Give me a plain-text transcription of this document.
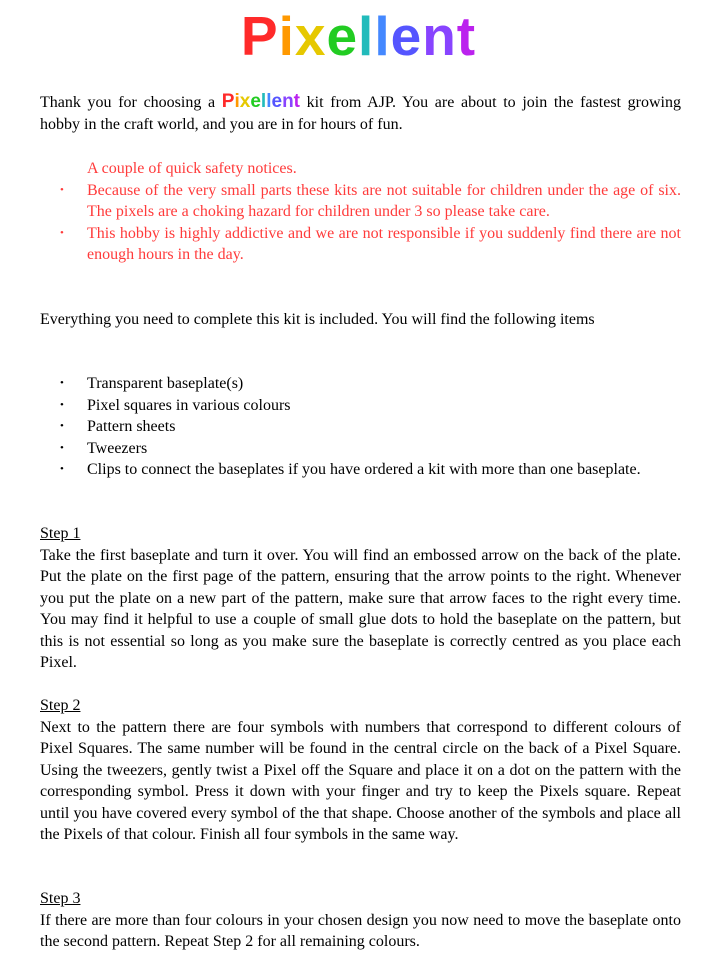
Pixellent
Thank you for choosing a Pixellent kit from AJP. You are about to join the fastest growing hobby in the craft world, and you are in for hours of fun.
A couple of quick safety notices.
• Because of the very small parts these kits are not suitable for children under the age of six. The pixels are a choking hazard for children under 3 so please take care.
• This hobby is highly addictive and we are not responsible if you suddenly find there are not enough hours in the day.
Everything you need to complete this kit is included. You will find the following items
• Transparent baseplate(s)
• Pixel squares in various colours
• Pattern sheets
• Tweezers
• Clips to connect the baseplates if you have ordered a kit with more than one baseplate.
Step 1
Take the first baseplate and turn it over. You will find an embossed arrow on the back of the plate. Put the plate on the first page of the pattern, ensuring that the arrow points to the right. Whenever you put the plate on a new part of the pattern, make sure that arrow faces to the right every time. You may find it helpful to use a couple of small glue dots to hold the baseplate on the pattern, but this is not essential so long as you make sure the baseplate is correctly centred as you place each Pixel.
Step 2
Next to the pattern there are four symbols with numbers that correspond to different colours of Pixel Squares. The same number will be found in the central circle on the back of a Pixel Square. Using the tweezers, gently twist a Pixel off the Square and place it on a dot on the pattern with the corresponding symbol. Press it down with your finger and try to keep the Pixels square. Repeat until you have covered every symbol of the that shape. Choose another of the symbols and place all the Pixels of that colour. Finish all four symbols in the same way.
Step 3
If there are more than four colours in your chosen design you now need to move the baseplate onto the second pattern. Repeat Step 2 for all remaining colours.
